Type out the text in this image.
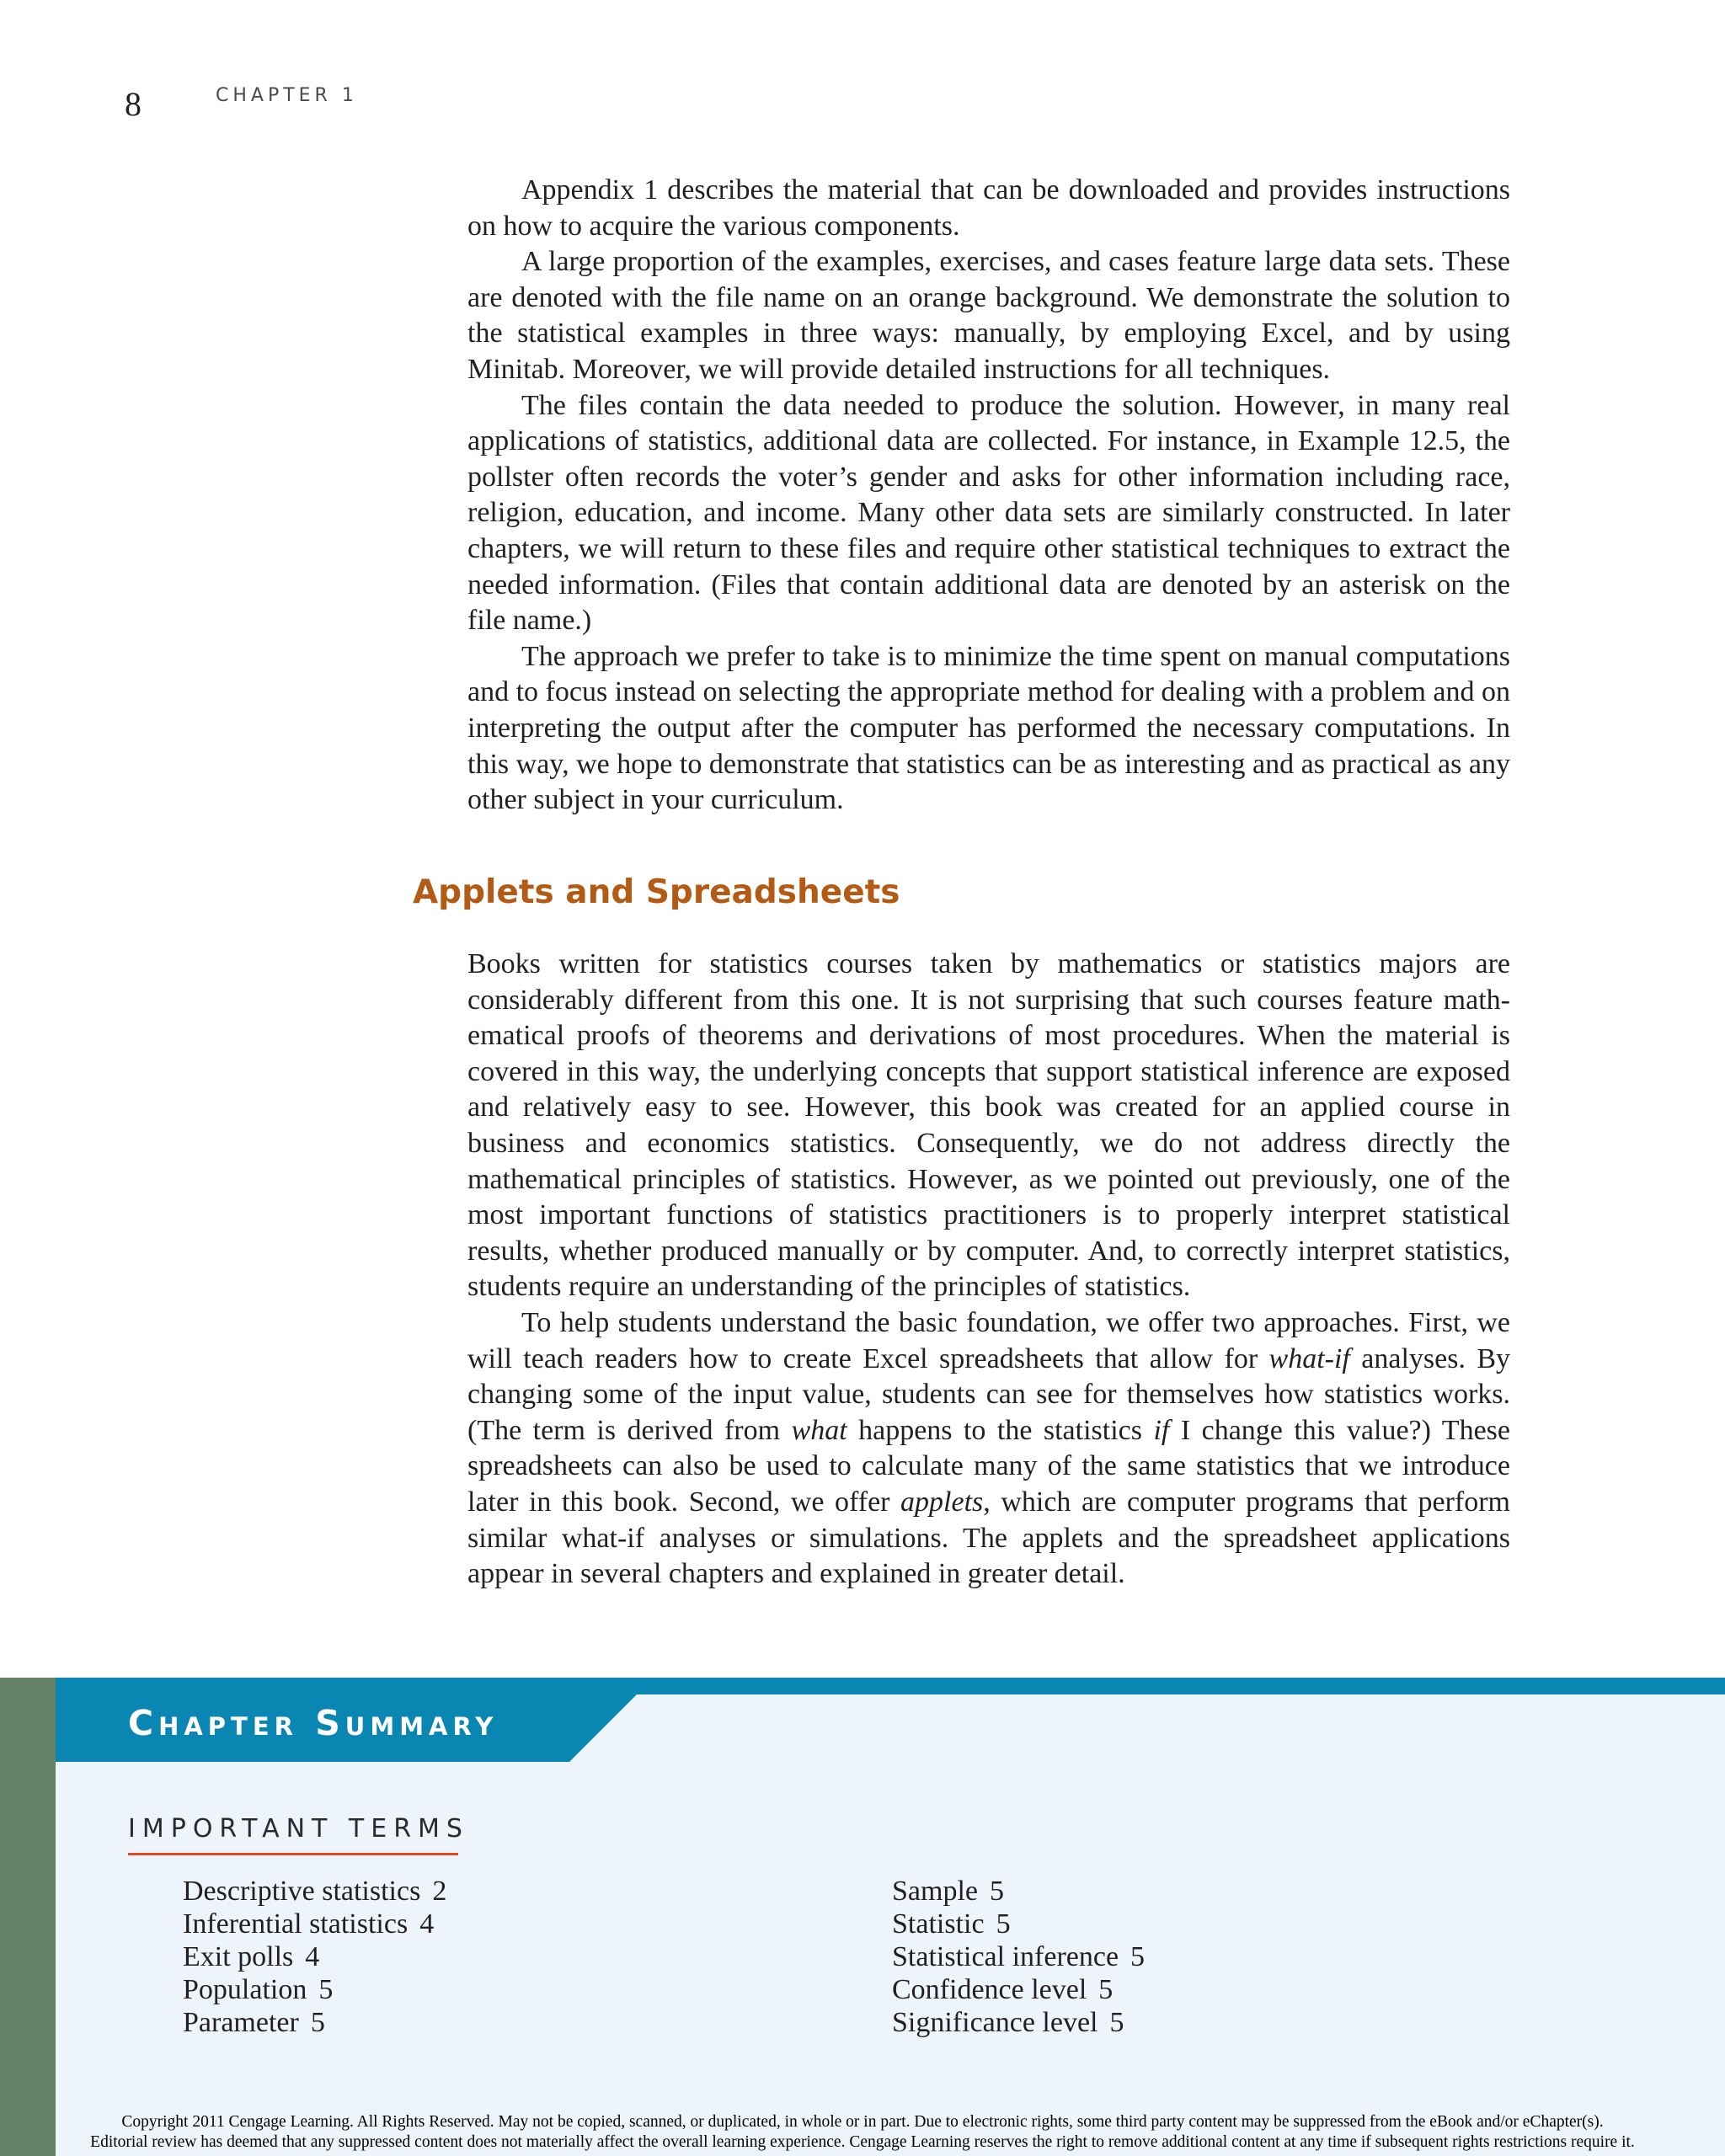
8	CHAPTER 1

Appendix 1 describes the material that can be downloaded and provides instructions on how to acquire the various components.

A large proportion of the examples, exercises, and cases feature large data sets. These are denoted with the file name on an orange background. We demonstrate the solution to the statistical examples in three ways: manually, by employing Excel, and by using Minitab. Moreover, we will provide detailed instructions for all techniques.

The files contain the data needed to produce the solution. However, in many real applications of statistics, additional data are collected. For instance, in Example 12.5, the pollster often records the voter’s gender and asks for other information including race, religion, education, and income. Many other data sets are similarly constructed. In later chapters, we will return to these files and require other statistical techniques to extract the needed information. (Files that contain additional data are denoted by an asterisk on the file name.)

The approach we prefer to take is to minimize the time spent on manual computations and to focus instead on selecting the appropriate method for dealing with a problem and on interpreting the output after the computer has performed the necessary computations. In this way, we hope to demonstrate that statistics can be as interesting and as practical as any other subject in your curriculum.

Applets and Spreadsheets

Books written for statistics courses taken by mathematics or statistics majors are considerably different from this one. It is not surprising that such courses feature mathematical proofs of theorems and derivations of most procedures. When the material is covered in this way, the underlying concepts that support statistical inference are exposed and relatively easy to see. However, this book was created for an applied course in business and economics statistics. Consequently, we do not address directly the mathematical principles of statistics. However, as we pointed out previously, one of the most important functions of statistics practitioners is to properly interpret statistical results, whether produced manually or by computer. And, to correctly interpret statistics, students require an understanding of the principles of statistics.

To help students understand the basic foundation, we offer two approaches. First, we will teach readers how to create Excel spreadsheets that allow for what-if analyses. By changing some of the input value, students can see for themselves how statistics works. (The term is derived from what happens to the statistics if I change this value?) These spreadsheets can also be used to calculate many of the same statistics that we introduce later in this book. Second, we offer applets, which are computer programs that perform similar what-if analyses or simulations. The applets and the spreadsheet applications appear in several chapters and explained in greater detail.

Chapter Summary
IMPORTANT TERMS
Descriptive statistics 2
Inferential statistics 4
Exit polls 4
Population 5
Parameter 5
Sample 5
Statistic 5
Statistical inference 5
Confidence level 5
Significance level 5
Copyright 2011 Cengage Learning. All Rights Reserved. May not be copied, scanned, or duplicated, in whole or in part. Due to electronic rights, some third party content may be suppressed from the eBook and/or eChapter(s).
Editorial review has deemed that any suppressed content does not materially affect the overall learning experience. Cengage Learning reserves the right to remove additional content at any time if subsequent rights restrictions require it.
